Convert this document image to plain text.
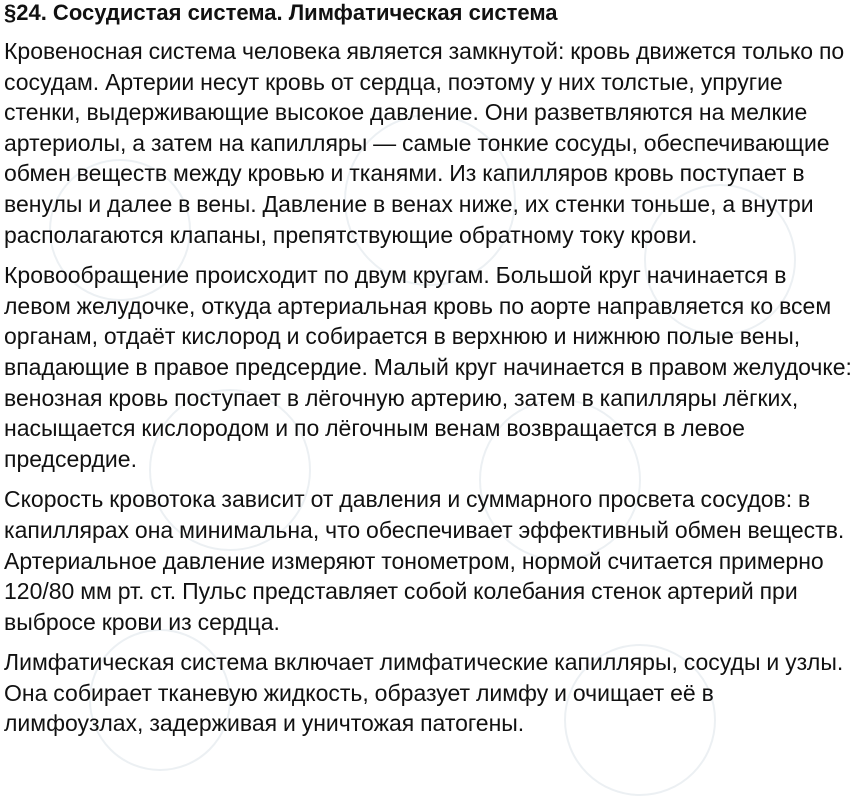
§24. Сосудистая система. Лимфатическая система

Кровеносная система человека является замкнутой: кровь движется только по сосудам. Артерии несут кровь от сердца, поэтому у них толстые, упругие стенки, выдерживающие высокое давление. Они разветвляются на мелкие артериолы, а затем на капилляры — самые тонкие сосуды, обеспечивающие обмен веществ между кровью и тканями. Из капилляров кровь поступает в венулы и далее в вены. Давление в венах ниже, их стенки тоньше, а внутри располагаются клапаны, препятствующие обратному току крови.

Кровообращение происходит по двум кругам. Большой круг начинается в левом желудочке, откуда артериальная кровь по аорте направляется ко всем органам, отдаёт кислород и собирается в верхнюю и нижнюю полые вены, впадающие в правое предсердие. Малый круг начинается в правом желудочке: венозная кровь поступает в лёгочную артерию, затем в капилляры лёгких, насыщается кислородом и по лёгочным венам возвращается в левое предсердие.

Скорость кровотока зависит от давления и суммарного просвета сосудов: в капиллярах она минимальна, что обеспечивает эффективный обмен веществ. Артериальное давление измеряют тонометром, нормой считается примерно 120/80 мм рт. ст. Пульс представляет собой колебания стенок артерий при выбросе крови из сердца.

Лимфатическая система включает лимфатические капилляры, сосуды и узлы. Она собирает тканевую жидкость, образует лимфу и очищает её в лимфоузлах, задерживая и уничтожая патогены.
